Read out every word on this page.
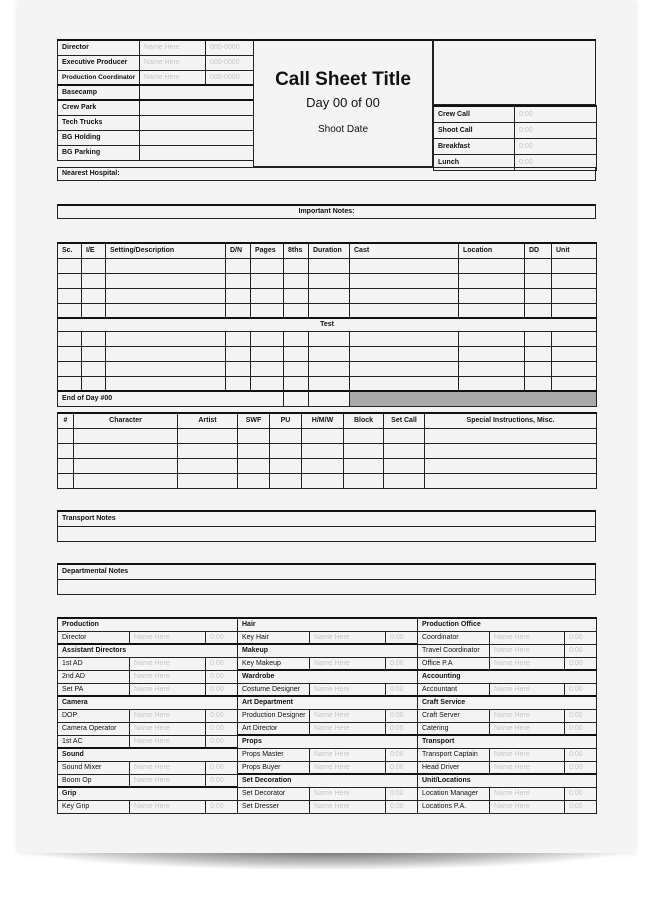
Director	Name Here	000-0000
Executive Producer	Name Here	000-0000
Production Coordinator	Name Here	000-0000
Basecamp		
Crew Park		
Tech Trucks		
BG Holding		
BG Parking		
Call Sheet Title
Day 00 of 00
Shoot Date
Crew Call	0:00
Shoot Call	0:00
Breakfast	0:00
Lunch	0:00
Nearest Hospital:
Important Notes:
Sc.	I/E	Setting/Description	D/N	Pages	8ths	Duration	Cast	Location	DD	Unit

Test										

End of Day #00										
#	Character	Artist	SWF	PU	H/M/W	Block	Set Call	Special Instructions, Misc.

Transport Notes

Departmental Notes

Production		
Director	Name Here	0:00
Assistant Directors		
1st AD	Name Here	0:00
2nd AD	Name Here	0:00
Set PA	Name Here	0:00
Camera		
DOP	Name Here	0:00
Camera Operator	Name Here	0:00
1st AC	Name Here	0:00
Sound		
Sound Mixer	Name Here	0:00
Boom Op	Name Here	0:00
Grip		
Key Grip	Name Here	0:00
Hair		
Key Hair	Name Here	0:00
Makeup		
Key Makeup	Name Here	0:00
Wardrobe		
Costume Designer	Name Here	0:00
Art Department		
Production Designer	Name Here	0:00
Art Director	Name Here	0:00
Props		
Props Master	Name Here	0:00
Props Buyer	Name Here	0:00
Set Decoration		
Set Decorator	Name Here	0:00
Set Dresser	Name Here	0:00
Production Office		
Coordinator	Name Here	0:00
Travel Coordinator	Name Here	0:00
Office P.A	Name Here	0:00
Accounting		
Accountant	Name Here	0:00
Craft Service		
Craft Server	Name Here	0:00
Catering	Name Here	0:00
Transport		
Transport Captain	Name Here	0:00
Head Driver	Name Here	0:00
Unit/Locations		
Location Manager	Name Here	0:00
Locations P.A.	Name Here	0:00
